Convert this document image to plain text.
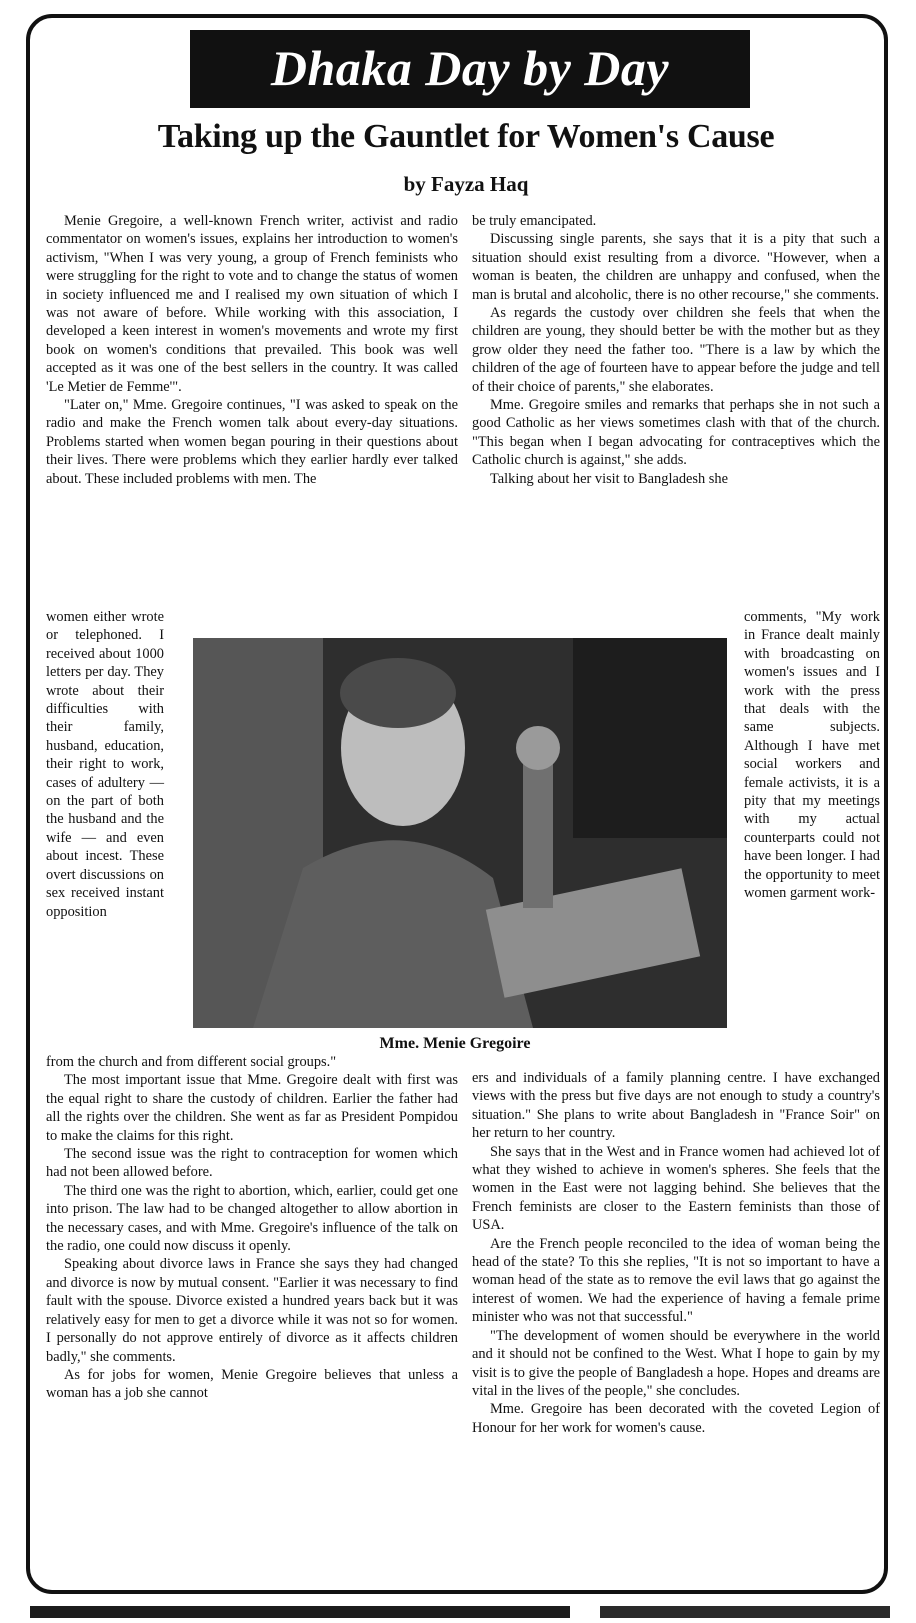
Dhaka Day by Day
Taking up the Gauntlet for Women's Cause
by Fayza Haq

Menie Gregoire, a well-known French writer, activist and radio commentator on women's issues, explains her introduction to women's activism, "When I was very young, a group of French feminists who were struggling for the right to vote and to change the status of women in society influenced me and I realised my own situation of which I was not aware of before. While working with this association, I developed a keen interest in women's movements and wrote my first book on women's conditions that prevailed. This book was well accepted as it was one of the best sellers in the country. It was called 'Le Metier de Femme'".

"Later on," Mme. Gregoire continues, "I was asked to speak on the radio and make the French women talk about every-day situations. Problems started when women began pouring in their questions about their lives. There were problems which they earlier hardly ever talked about. These included problems with men. The

women either wrote or telephoned. I received about 1000 letters per day. They wrote about their difficulties with their family, husband, education, their right to work, cases of adultery — on the part of both the husband and the wife — and even about incest. These overt discussions on sex received instant opposition

Mme. Menie Gregoire

from the church and from different social groups."

The most important issue that Mme. Gregoire dealt with first was the equal right to share the custody of children. Earlier the father had all the rights over the children. She went as far as President Pompidou to make the claims for this right.

The second issue was the right to contraception for women which had not been allowed before.

The third one was the right to abortion, which, earlier, could get one into prison. The law had to be changed altogether to allow abortion in the necessary cases, and with Mme. Gregoire's influence of the talk on the radio, one could now discuss it openly.

Speaking about divorce laws in France she says they had changed and divorce is now by mutual consent. "Earlier it was necessary to find fault with the spouse. Divorce existed a hundred years back but it was relatively easy for men to get a divorce while it was not so for women. I personally do not approve entirely of divorce as it affects children badly," she comments.

As for jobs for women, Menie Gregoire believes that unless a woman has a job she cannot

be truly emancipated.

Discussing single parents, she says that it is a pity that such a situation should exist resulting from a divorce. "However, when a woman is beaten, the children are unhappy and confused, when the man is brutal and alcoholic, there is no other recourse," she comments.

As regards the custody over children she feels that when the children are young, they should better be with the mother but as they grow older they need the father too. "There is a law by which the children of the age of fourteen have to appear before the judge and tell of their choice of parents," she elaborates.

Mme. Gregoire smiles and remarks that perhaps she in not such a good Catholic as her views sometimes clash with that of the church. "This began when I began advocating for contraceptives which the Catholic church is against," she adds.

Talking about her visit to Bangladesh she

comments, "My work in France dealt mainly with broadcasting on women's issues and I work with the press that deals with the same subjects. Although I have met social workers and female activists, it is a pity that my meetings with my actual counterparts could not have been longer. I had the opportunity to meet women garment work-

ers and individuals of a family planning centre. I have exchanged views with the press but five days are not enough to study a country's situation." She plans to write about Bangladesh in "France Soir" on her return to her country.

She says that in the West and in France women had achieved lot of what they wished to achieve in women's spheres. She feels that the women in the East were not lagging behind. She believes that the French feminists are closer to the Eastern feminists than those of USA.

Are the French people reconciled to the idea of woman being the head of the state? To this she replies, "It is not so important to have a woman head of the state as to remove the evil laws that go against the interest of women. We had the experience of having a female prime minister who was not that successful."

"The development of women should be everywhere in the world and it should not be confined to the West. What I hope to gain by my visit is to give the people of Bangladesh a hope. Hopes and dreams are vital in the lives of the people," she concludes.

Mme. Gregoire has been decorated with the coveted Legion of Honour for her work for women's cause.
